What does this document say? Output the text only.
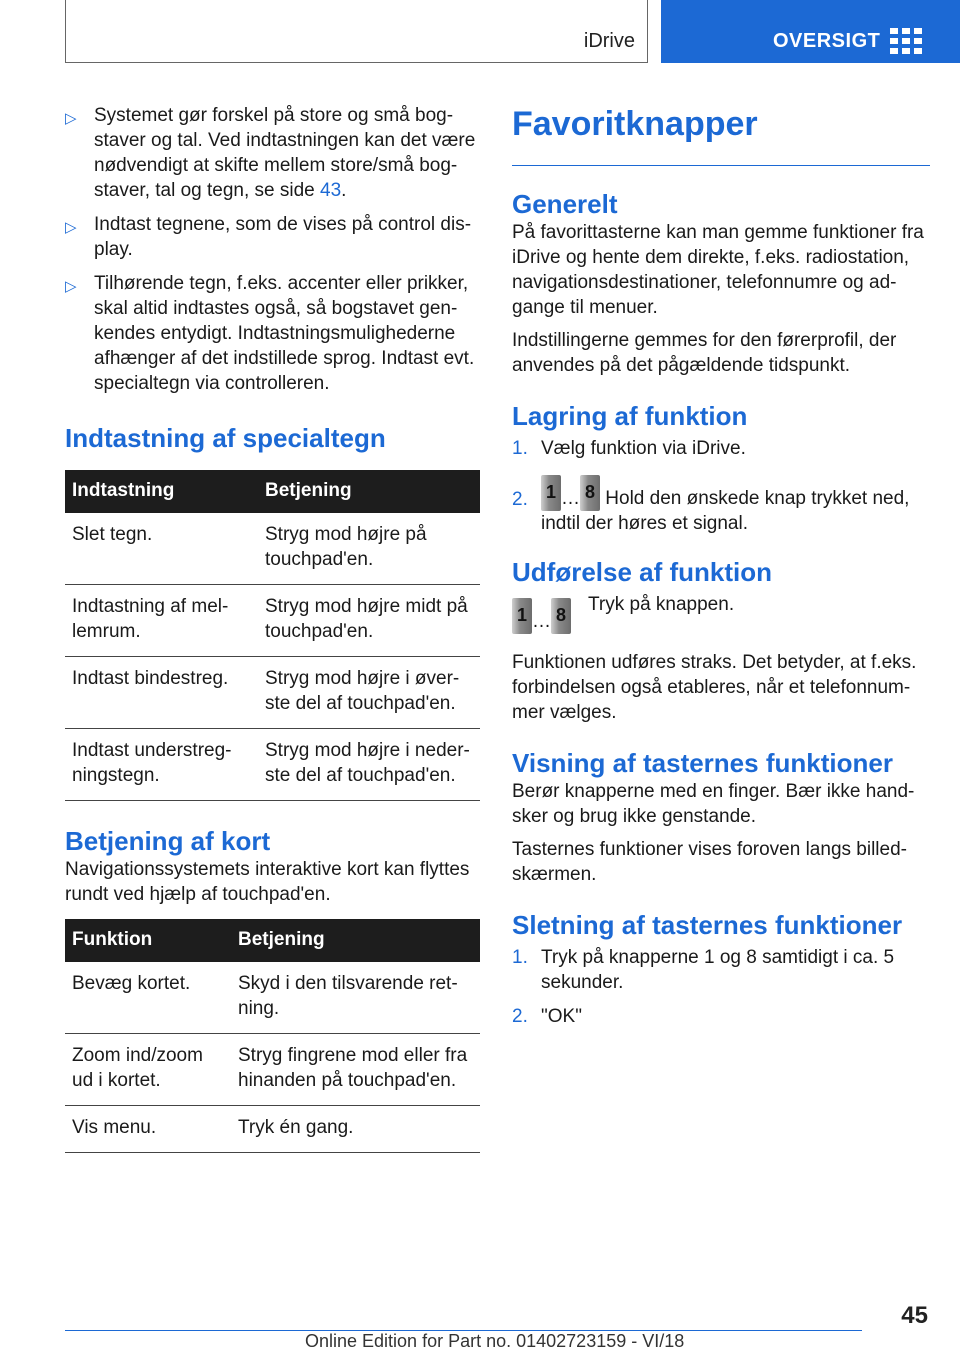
iDrive	OVERSIGT
▷ Systemet gør forskel på store og små bog-staver og tal. Ved indtastningen kan det være nødvendigt at skifte mellem store/små bog-staver, tal og tegn, se side 43.
▷ Indtast tegnene, som de vises på control dis-play.
▷ Tilhørende tegn, f.eks. accenter eller prikker, skal altid indtastes også, så bogstavet gen-kendes entydigt. Indtastningsmulighederne afhænger af det indstillede sprog. Indtast evt. specialtegn via controlleren.
Indtastning af specialtegn
Indtastning	Betjening
Slet tegn.	Stryg mod højre på touchpad'en.
Indtastning af mel-lemrum.	Stryg mod højre midt på touchpad'en.
Indtast bindestreg.	Stryg mod højre i øver-ste del af touchpad'en.
Indtast understreg-ningstegn.	Stryg mod højre i neder-ste del af touchpad'en.
Betjening af kort

Navigationssystemets interaktive kort kan flyttes rundt ved hjælp af touchpad'en.

Funktion	Betjening
Bevæg kortet.	Skyd i den tilsvarende ret-ning.
Zoom ind/zoom ud i kortet.	Stryg fingrene mod eller fra hinanden på touchpad'en.
Vis menu.	Tryk én gang.
Favoritknapper
Generelt

På favorittasterne kan man gemme funktioner fra iDrive og hente dem direkte, f.eks. radiostation, navigationsdestinationer, telefonnumre og ad-gange til menuer.

Indstillingerne gemmes for den førerprofil, der anvendes på det pågældende tidspunkt.

Lagring af funktion
1. Vælg funktion via iDrive.
2. 1 … 8 Hold den ønskede knap trykket ned, indtil der høres et signal.
Udførelse af funktion
1 … 8 Tryk på knappen.

Funktionen udføres straks. Det betyder, at f.eks. forbindelsen også etableres, når et telefonnum-mer vælges.

Visning af tasternes funktioner

Berør knapperne med en finger. Bær ikke hand-sker og brug ikke genstande.

Tasternes funktioner vises foroven langs billed-skærmen.

Sletning af tasternes funktioner
1. Tryk på knapperne 1 og 8 samtidigt i ca. 5 sekunder.
2. "OK"
45
Online Edition for Part no. 01402723159 - VI/18
